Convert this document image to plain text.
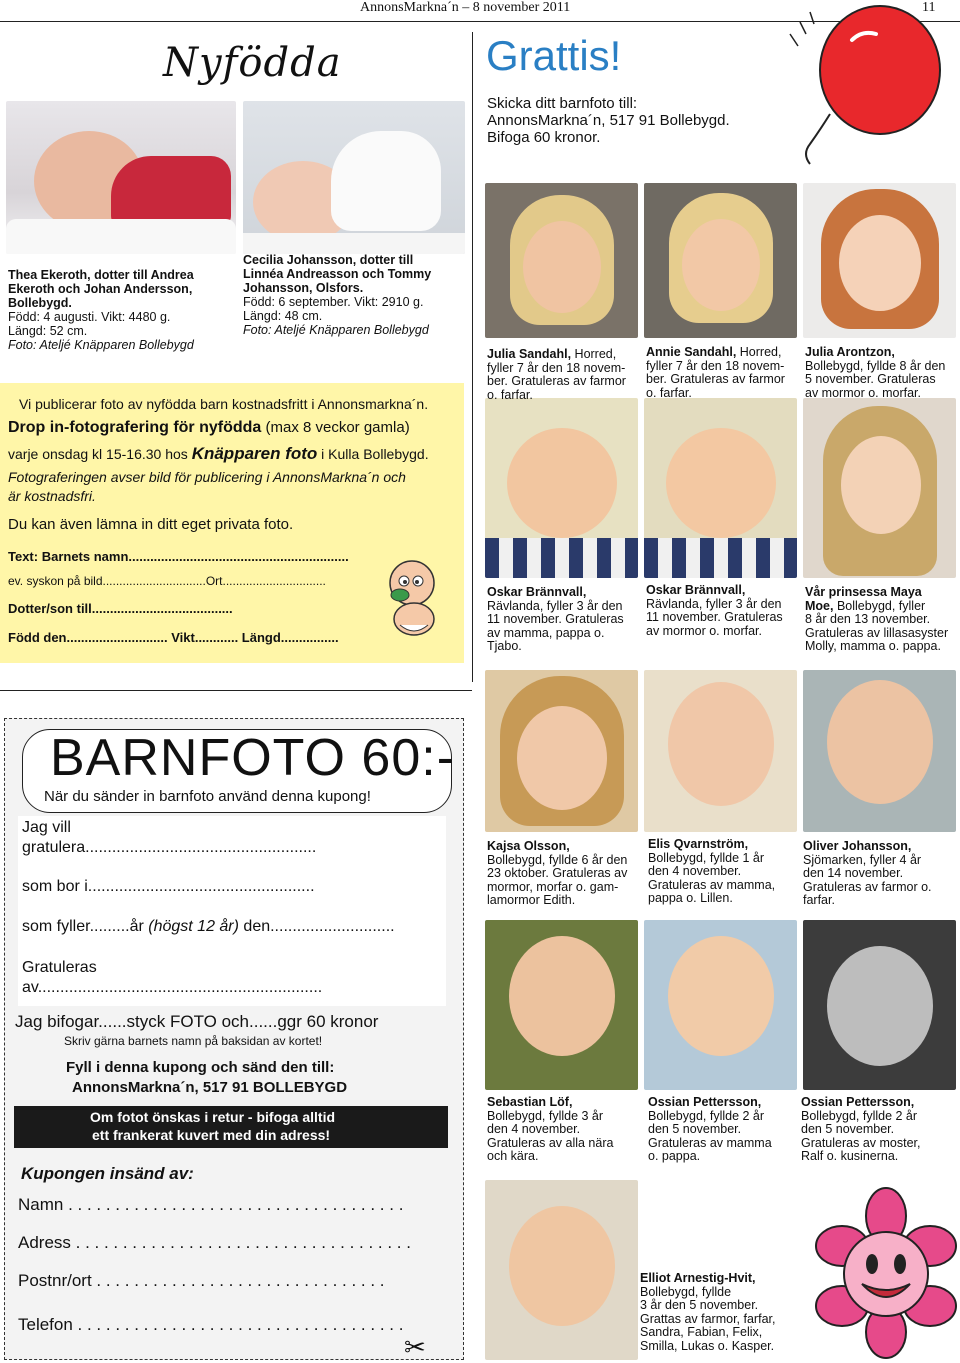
AnnonsMarkna´n – 8 november 2011	11
Nyfödda
Thea Ekeroth, dotter till Andrea
Ekeroth och Johan Andersson,
Bollebygd.
Född: 4 augusti. Vikt: 4480 g.
Längd: 52 cm.
Foto: Ateljé Knäpparen Bollebygd
Cecilia Johansson, dotter till
Linnéa Andreasson och Tommy
Johansson, Olsfors.
Född: 6 september. Vikt: 2910 g.
Längd: 48 cm.
Foto: Ateljé Knäpparen Bollebygd
Vi publicerar foto av nyfödda barn kostnadsfritt i Annonsmarkna´n.
Drop in-fotografering för nyfödda (max 8 veckor gamla)
varje onsdag kl 15-16.30 hos Knäpparen foto i Kulla Bollebygd.
Fotograferingen avser bild för publicering i AnnonsMarkna´n och
är kostnadsfri.
Du kan även lämna in ditt eget privata foto.
Text: Barnets namn.............................................................
ev. syskon på bild...............................Ort...............................
Dotter/son till.......................................
Född den............................ Vikt............ Längd................
Grattis!
Skicka ditt barnfoto till:
AnnonsMarkna´n, 517 91 Bollebygd.
Bifoga 60 kronor.
Julia Sandahl, Horred,
fyller 7 år den 18 novem-
ber. Gratuleras av farmor
o. farfar.
Annie Sandahl, Horred,
fyller 7 år den 18 novem-
ber. Gratuleras av farmor
o. farfar.
Julia Arontzon,
Bollebygd, fyllde 8 år den
5 november. Gratuleras
av mormor o. morfar.
Oskar Brännvall,
Rävlanda, fyller 3 år den
11 november. Gratuleras
av mamma, pappa o.
Tjabo.
Oskar Brännvall,
Rävlanda, fyller 3 år den
11 november. Gratuleras
av mormor o. morfar.
Vår prinsessa Maya
Moe, Bollebygd, fyller
8 år den 13 november.
Gratuleras av lillasasyster
Molly, mamma o. pappa.
Kajsa Olsson,
Bollebygd, fyllde 6 år den
23 oktober. Gratuleras av
mormor, morfar o. gam-
lamormor Edith.
Elis Qvarnström,
Bollebygd, fyllde 1 år
den 4 november.
Gratuleras av mamma,
pappa o. Lillen.
Oliver Johansson,
Sjömarken, fyller 4 år
den 14 november.
Gratuleras av farmor o.
farfar.
Sebastian Löf,
Bollebygd, fyllde 3 år
den 4 november.
Gratuleras av alla nära
och kära.
Ossian Pettersson,
Bollebygd, fyllde 2 år
den 5 november.
Gratuleras av mamma
o. pappa.
Ossian Pettersson,
Bollebygd, fyllde 2 år
den 5 november.
Gratuleras av moster,
Ralf o. kusinerna.
Elliot Arnestig-Hvit,
Bollebygd, fyllde
3 år den 5 november.
Grattas av farmor, farfar,
Sandra, Fabian, Felix,
Smilla, Lukas o. Kasper.
BARNFOTO 60:-
När du sänder in barnfoto använd denna kupong!
Jag vill
gratulera....................................................
som bor i...................................................
som fyller.........år (högst 12 år) den............................
Gratuleras
av................................................................
Jag bifogar......styck FOTO och......ggr 60 kronor
Skriv gärna barnets namn på baksidan av kortet!
Fyll i denna kupong och sänd den till:
AnnonsMarkna´n, 517 91 BOLLEBYGD
Om fotot önskas i retur - bifoga alltid
ett frankerat kuvert med din adress!
Kupongen insänd av:
Namn . . . . . . . . . . . . . . . . . . . . . . . . . . . . . . . . . . . .
Adress . . . . . . . . . . . . . . . . . . . . . . . . . . . . . . . . . . . .
Postnr/ort . . . . . . . . . . . . . . . . . . . . . . . . . . . . . . .
Telefon . . . . . . . . . . . . . . . . . . . . . . . . . . . . . . . . . . .
✂
